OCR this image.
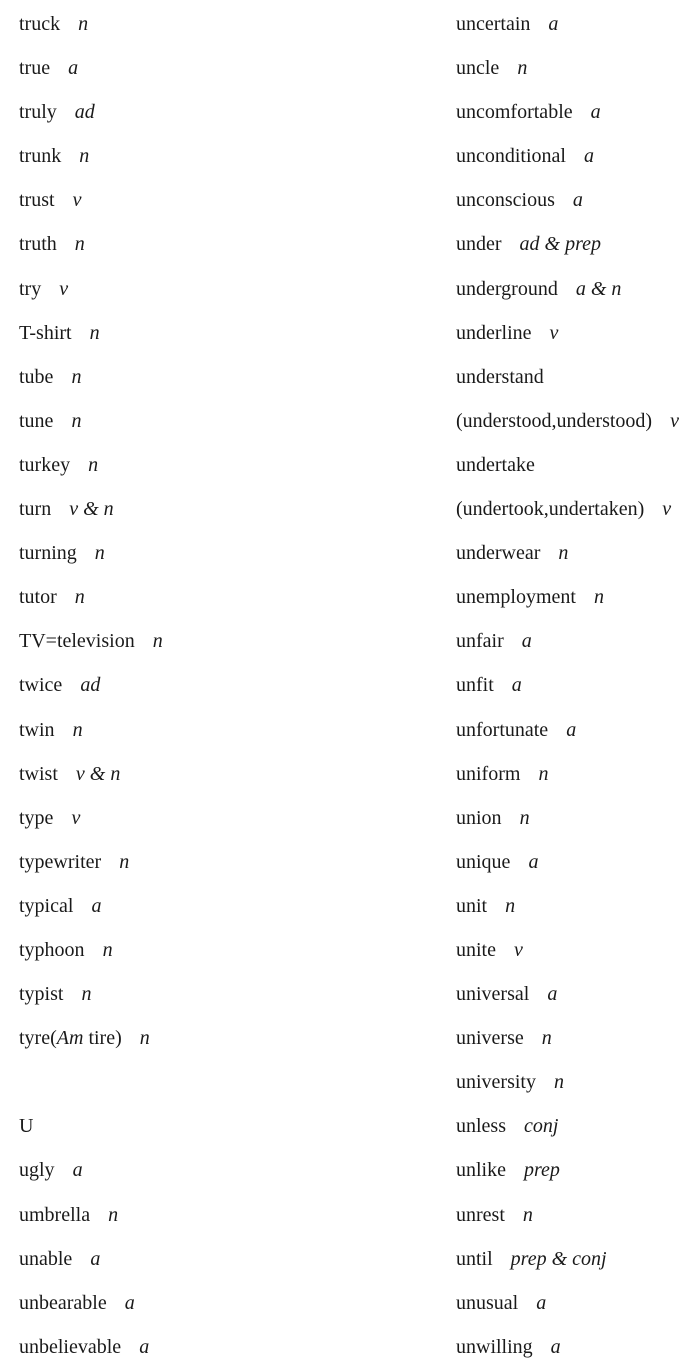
truck n
true a
truly ad
trunk n
trust v
truth n
try v
T-shirt n
tube n
tune n
turkey n
turn v & n
turning n
tutor n
TV=television n
twice ad
twin n
twist v & n
type v
typewriter n
typical a
typhoon n
typist n
tyre(Am tire) n
U
ugly a
umbrella n
unable a
unbearable a
unbelievable a
uncertain a
uncle n
uncomfortable a
unconditional a
unconscious a
under ad & prep
underground a & n
underline v
understand
(understood,understood) v
undertake
(undertook,undertaken) v
underwear n
unemployment n
unfair a
unfit a
unfortunate a
uniform n
union n
unique a
unit n
unite v
universal a
universe n
university n
unless conj
unlike prep
unrest n
until prep & conj
unusual a
unwilling a
